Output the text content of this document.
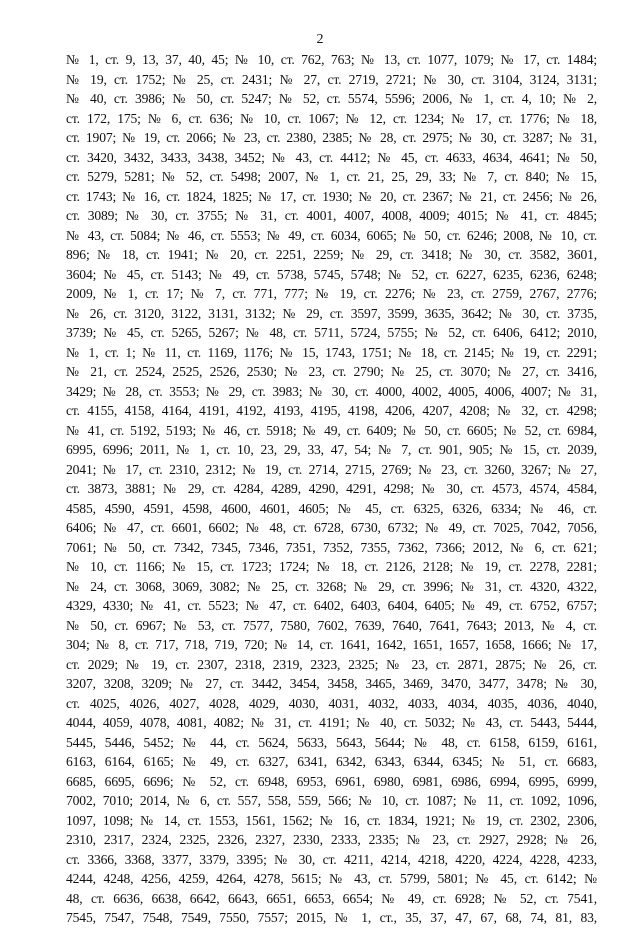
2
№ 1, ст. 9, 13, 37, 40, 45; № 10, ст. 762, 763; № 13, ст. 1077, 1079; № 17, ст. 1484;
№ 19, ст. 1752; № 25, ст. 2431; № 27, ст. 2719, 2721; № 30, ст. 3104, 3124, 3131;
№ 40, ст. 3986; № 50, ст. 5247; № 52, ст. 5574, 5596; 2006, № 1, ст. 4, 10; № 2,
ст. 172, 175; № 6, ст. 636; № 10, ст. 1067; № 12, ст. 1234; № 17, ст. 1776; № 18,
ст. 1907; № 19, ст. 2066; № 23, ст. 2380, 2385; № 28, ст. 2975; № 30, ст. 3287; № 31,
ст. 3420, 3432, 3433, 3438, 3452; № 43, ст. 4412; № 45, ст. 4633, 4634, 4641; № 50,
ст. 5279, 5281; № 52, ст. 5498; 2007, № 1, ст. 21, 25, 29, 33; № 7, ст. 840; № 15,
ст. 1743; № 16, ст. 1824, 1825; № 17, ст. 1930; № 20, ст. 2367; № 21, ст. 2456; № 26,
ст. 3089; № 30, ст. 3755; № 31, ст. 4001, 4007, 4008, 4009; 4015; № 41, ст. 4845;
№ 43, ст. 5084; № 46, ст. 5553; № 49, ст. 6034, 6065; № 50, ст. 6246; 2008, № 10, ст.
896; № 18, ст. 1941; № 20, ст. 2251, 2259; № 29, ст. 3418; № 30, ст. 3582, 3601,
3604; № 45, ст. 5143; № 49, ст. 5738, 5745, 5748; № 52, ст. 6227, 6235, 6236, 6248;
2009, № 1, ст. 17; № 7, ст. 771, 777; № 19, ст. 2276; № 23, ст. 2759, 2767, 2776;
№ 26, ст. 3120, 3122, 3131, 3132; № 29, ст. 3597, 3599, 3635, 3642; № 30, ст. 3735,
3739; № 45, ст. 5265, 5267; № 48, ст. 5711, 5724, 5755; № 52, ст. 6406, 6412; 2010,
№ 1, ст. 1; № 11, ст. 1169, 1176; № 15, 1743, 1751; № 18, ст. 2145; № 19, ст. 2291;
№ 21, ст. 2524, 2525, 2526, 2530; № 23, ст. 2790; № 25, ст. 3070; № 27, ст. 3416,
3429; № 28, ст. 3553; № 29, ст. 3983; № 30, ст. 4000, 4002, 4005, 4006, 4007; № 31,
ст. 4155, 4158, 4164, 4191, 4192, 4193, 4195, 4198, 4206, 4207, 4208; № 32, ст. 4298;
№ 41, ст. 5192, 5193; № 46, ст. 5918; № 49, ст. 6409; № 50, ст. 6605; № 52, ст. 6984,
6995, 6996; 2011, № 1, ст. 10, 23, 29, 33, 47, 54; № 7, ст. 901, 905; № 15, ст. 2039,
2041; № 17, ст. 2310, 2312; № 19, ст. 2714, 2715, 2769; № 23, ст. 3260, 3267; № 27,
ст. 3873, 3881; № 29, ст. 4284, 4289, 4290, 4291, 4298; № 30, ст. 4573, 4574, 4584,
4585, 4590, 4591, 4598, 4600, 4601, 4605; № 45, ст. 6325, 6326, 6334; № 46, ст.
6406; № 47, ст. 6601, 6602; № 48, ст. 6728, 6730, 6732; № 49, ст. 7025, 7042, 7056,
7061; № 50, ст. 7342, 7345, 7346, 7351, 7352, 7355, 7362, 7366; 2012, № 6, ст. 621;
№ 10, ст. 1166; № 15, ст. 1723; 1724; № 18, ст. 2126, 2128; № 19, ст. 2278, 2281;
№ 24, ст. 3068, 3069, 3082; № 25, ст. 3268; № 29, ст. 3996; № 31, ст. 4320, 4322,
4329, 4330; № 41, ст. 5523; № 47, ст. 6402, 6403, 6404, 6405; № 49, ст. 6752, 6757;
№ 50, ст. 6967; № 53, ст. 7577, 7580, 7602, 7639, 7640, 7641, 7643; 2013, № 4, ст.
304; № 8, ст. 717, 718, 719, 720; № 14, ст. 1641, 1642, 1651, 1657, 1658, 1666; № 17,
ст. 2029; № 19, ст. 2307, 2318, 2319, 2323, 2325; № 23, ст. 2871, 2875; № 26, ст.
3207, 3208, 3209; № 27, ст. 3442, 3454, 3458, 3465, 3469, 3470, 3477, 3478; № 30,
ст. 4025, 4026, 4027, 4028, 4029, 4030, 4031, 4032, 4033, 4034, 4035, 4036, 4040,
4044, 4059, 4078, 4081, 4082; № 31, ст. 4191; № 40, ст. 5032; № 43, ст. 5443, 5444,
5445, 5446, 5452; № 44, ст. 5624, 5633, 5643, 5644; № 48, ст. 6158, 6159, 6161,
6163, 6164, 6165; № 49, ст. 6327, 6341, 6342, 6343, 6344, 6345; № 51, ст. 6683,
6685, 6695, 6696; № 52, ст. 6948, 6953, 6961, 6980, 6981, 6986, 6994, 6995, 6999,
7002, 7010; 2014, № 6, ст. 557, 558, 559, 566; № 10, ст. 1087; № 11, ст. 1092, 1096,
1097, 1098; № 14, ст. 1553, 1561, 1562; № 16, ст. 1834, 1921; № 19, ст. 2302, 2306,
2310, 2317, 2324, 2325, 2326, 2327, 2330, 2333, 2335; № 23, ст. 2927, 2928; № 26,
ст. 3366, 3368, 3377, 3379, 3395; № 30, ст. 4211, 4214, 4218, 4220, 4224, 4228, 4233,
4244, 4248, 4256, 4259, 4264, 4278, 5615; № 43, ст. 5799, 5801; № 45, ст. 6142; №
48, ст. 6636, 6638, 6642, 6643, 6651, 6653, 6654; № 49, ст. 6928; № 52, ст. 7541,
7545, 7547, 7548, 7549, 7550, 7557; 2015, № 1, ст., 35, 37, 47, 67, 68, 74, 81, 83,
